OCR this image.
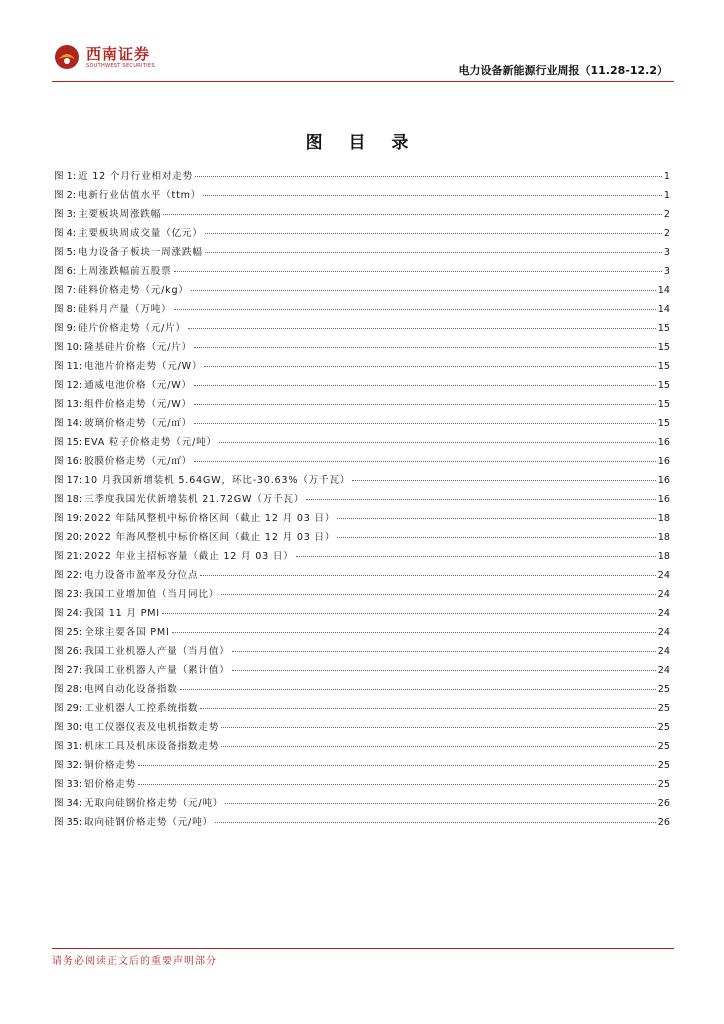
西南证券
SOUTHWEST SECURITIES	电力设备新能源行业周报（11.28-12.2）
图 目 录
图 1: 近 12 个月行业相对走势	1
图 2: 电新行业估值水平（ttm）	1
图 3: 主要板块周涨跌幅	2
图 4: 主要板块周成交量（亿元）	2
图 5: 电力设备子板块一周涨跌幅	3
图 6: 上周涨跌幅前五股票	3
图 7: 硅料价格走势（元/kg）	14
图 8: 硅料月产量（万吨）	14
图 9: 硅片价格走势（元/片）	15
图 10: 隆基硅片价格（元/片）	15
图 11: 电池片价格走势（元/W）	15
图 12: 通威电池价格（元/W）	15
图 13: 组件价格走势（元/W）	15
图 14: 玻璃价格走势（元/㎡）	15
图 15: EVA 粒子价格走势（元/吨）	16
图 16: 胶膜价格走势（元/㎡）	16
图 17: 10 月我国新增装机 5.64GW，环比-30.63%（万千瓦）	16
图 18: 三季度我国光伏新增装机 21.72GW（万千瓦）	16
图 19: 2022 年陆风整机中标价格区间（截止 12 月 03 日）	18
图 20: 2022 年海风整机中标价格区间（截止 12 月 03 日）	18
图 21: 2022 年业主招标容量（截止 12 月 03 日）	18
图 22: 电力设备市盈率及分位点	24
图 23: 我国工业增加值（当月同比）	24
图 24: 我国 11 月 PMI	24
图 25: 全球主要各国 PMI	24
图 26: 我国工业机器人产量（当月值）	24
图 27: 我国工业机器人产量（累计值）	24
图 28: 电网自动化设备指数	25
图 29: 工业机器人工控系统指数	25
图 30: 电工仪器仪表及电机指数走势	25
图 31: 机床工具及机床设备指数走势	25
图 32: 铜价格走势	25
图 33: 铝价格走势	25
图 34: 无取向硅钢价格走势（元/吨）	26
图 35: 取向硅钢价格走势（元/吨）	26
请务必阅读正文后的重要声明部分
